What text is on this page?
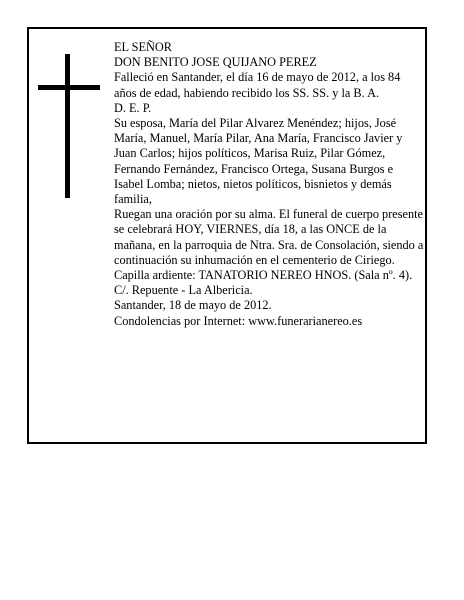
EL SEÑOR

DON BENITO JOSE QUIJANO PEREZ

Falleció en Santander, el día 16 de mayo de 2012, a los 84 años de edad, habiendo recibido los SS. SS. y la B. A.

D. E. P.

Su esposa, María del Pilar Alvarez Menéndez; hijos, José María, Manuel, María Pilar, Ana María, Francisco Javier y Juan Carlos; hijos políticos, Marisa Ruiz, Pilar Gómez, Fernando Fernández, Francisco Ortega, Susana Burgos e Isabel Lomba; nietos, nietos políticos, bisnietos y demás familia,

Ruegan una oración por su alma. El funeral de cuerpo presente se celebrará HOY, VIERNES, día 18, a las ONCE de la mañana, en la parroquia de Ntra. Sra. de Consolación, siendo a continuación su inhumación en el cementerio de Ciriego. Capilla ardiente: TANATORIO NEREO HNOS. (Sala nº. 4). C/. Repuente - La Albericia.

Santander, 18 de mayo de 2012.

Condolencias por Internet: www.funerarianereo.es
